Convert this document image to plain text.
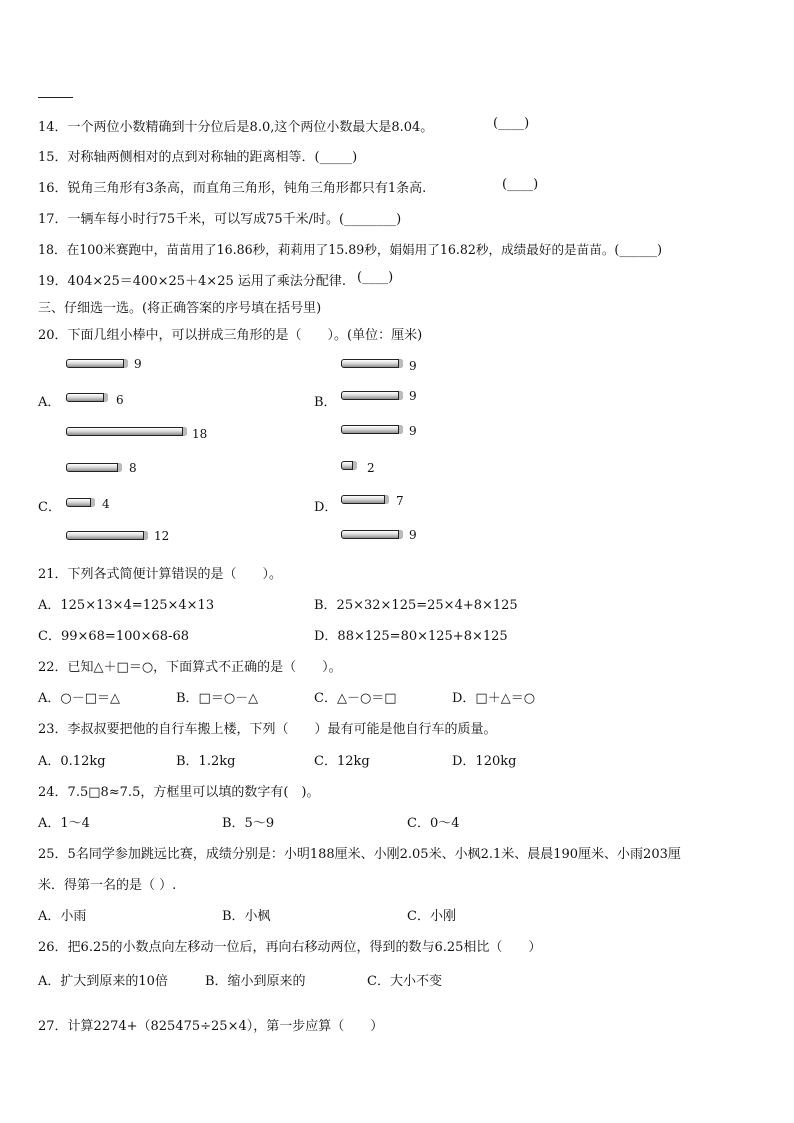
14．一个两位小数精确到十分位后是8.0,这个两位小数最大是8.04。	(____)
15．对称轴两侧相对的点到对称轴的距离相等．(_____)
16．锐角三角形有3条高，而直角三角形，钝角三角形都只有1条高.	(____)
17．一辆车每小时行75千米，可以写成75千米/时。(________)
18．在100米赛跑中，苗苗用了16.86秒，莉莉用了15.89秒，娟娟用了16.82秒，成绩最好的是苗苗。(______)
19．404×25＝400×25＋4×25 运用了乘法分配律. (____)
三、仔细选一选。(将正确答案的序号填在括号里)
20．下面几组小棒中，可以拼成三角形的是（　　）。(单位：厘米)
A．
9
6
18
B．
9
9
9
C．
8
4
12
D．
2
7
9
21．下列各式简便计算错误的是（　　）。
A．125×13×4=125×4×13	B．25×32×125=25×4+8×125
C．99×68=100×68-68	D．88×125=80×125+8×125
22．已知△＋□＝○，下面算式不正确的是（　　）。
A．○－□＝△	B．□＝○－△	C．△－○＝□	D．□＋△＝○
23．李叔叔要把他的自行车搬上楼，下列（　　）最有可能是他自行车的质量。
A．0.12kg	B．1.2kg	C．12kg	D．120kg
24．7.5□8≈7.5，方框里可以填的数字有(　)。
A．1～4	B．5～9	C．0～4
25．5名同学参加跳远比赛，成绩分别是：小明188厘米、小刚2.05米、小枫2.1米、晨晨190厘米、小雨203厘
米．得第一名的是（ ）.
A．小雨	B．小枫	C．小刚
26．把6.25的小数点向左移动一位后，再向右移动两位，得到的数与6.25相比（　　）
A．扩大到原来的10倍	B．缩小到原来的	C．大小不变
27．计算2274+（825475÷25×4），第一步应算（　　）
